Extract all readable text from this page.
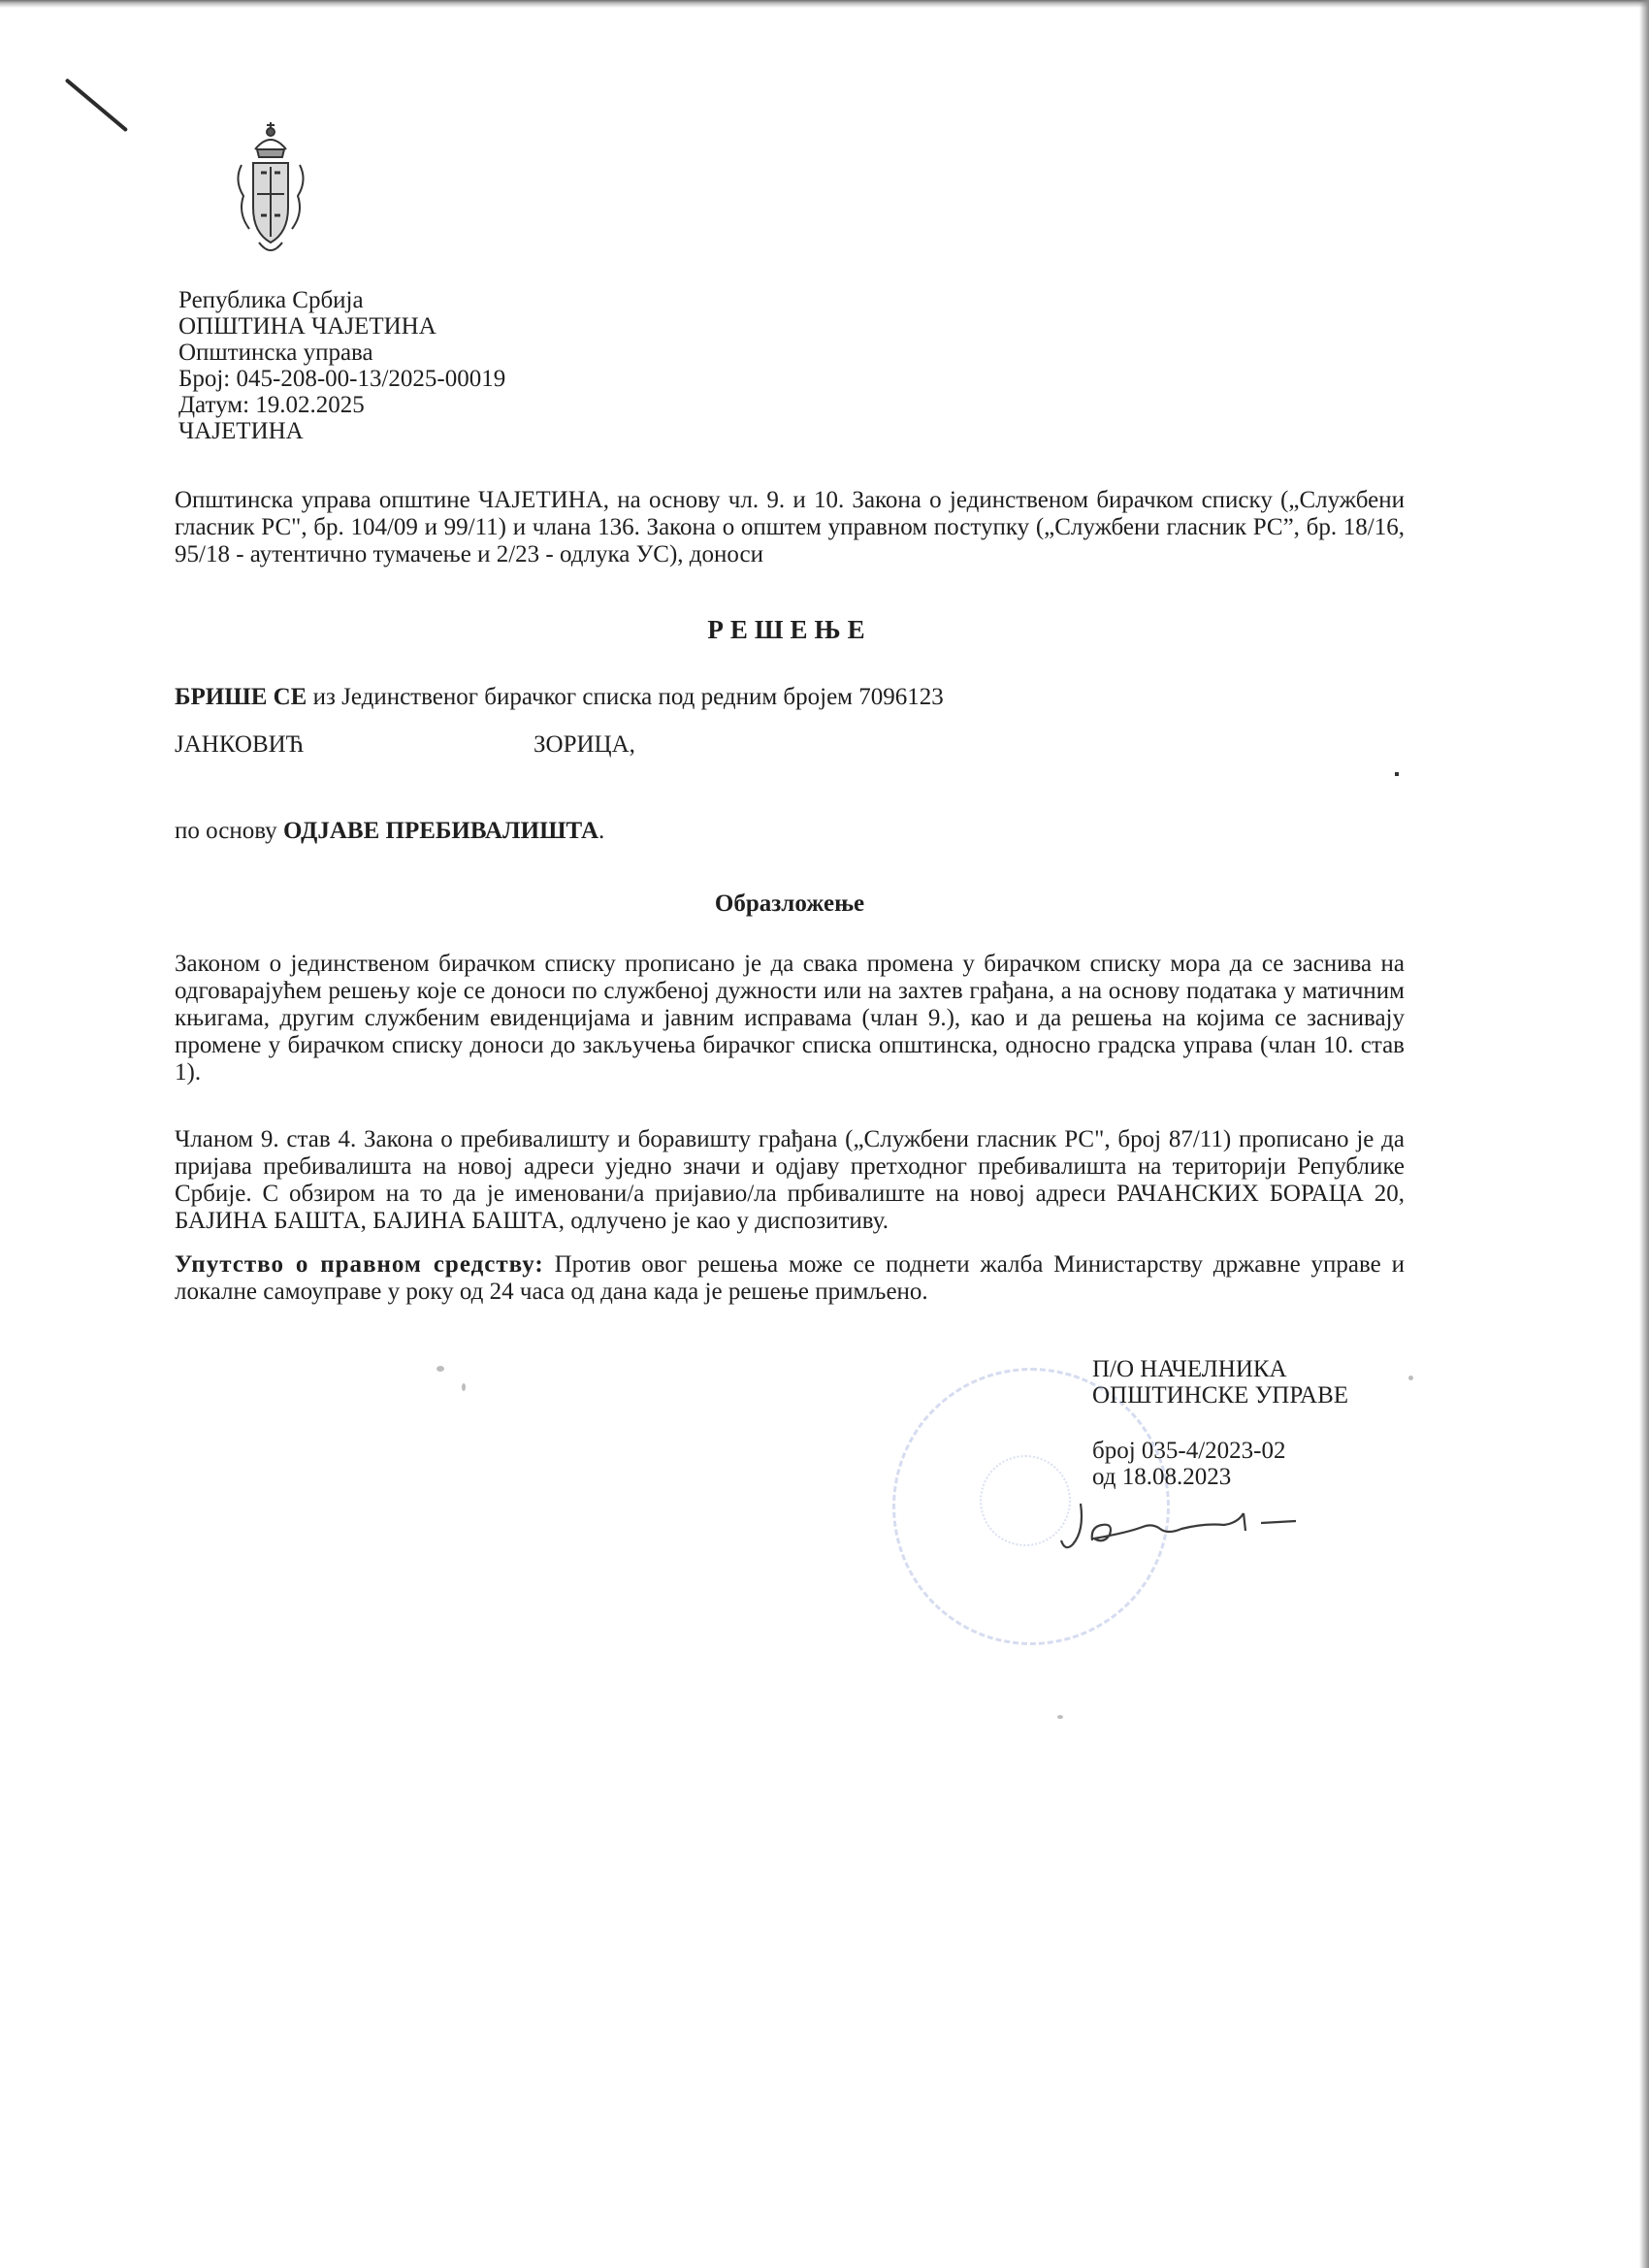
Република Србија
ОПШТИНА ЧАЈЕТИНА
Општинска управа
Број: 045-208-00-13/2025-00019
Датум: 19.02.2025
ЧАЈЕТИНА
Општинска управа општине ЧАЈЕТИНА, на основу чл. 9. и 10. Закона о јединственом бирачком списку („Службени гласник РС", бр. 104/09 и 99/11) и члана 136. Закона о општем управном поступку („Службени гласник РС”, бр. 18/16, 95/18 - аутентично тумачење и 2/23 - одлука УС), доноси
РЕШЕЊЕ
БРИШЕ СЕ из Јединственог бирачког списка под редним бројем 7096123
ЈАНКОВИЋ	ЗОРИЦА,
по основу ОДЈАВЕ ПРЕБИВАЛИШТА.
Образложење
Законом о јединственом бирачком списку прописано је да свака промена у бирачком списку мора да се заснива на одговарајућем решењу које се доноси по службеној дужности или на захтев грађана, а на основу података у матичним књигама, другим службеним евиденцијама и јавним исправама (члан 9.), као и да решења на којима се заснивају промене у бирачком списку доноси до закључења бирачког списка општинска, односно градска управа (члан 10. став 1).
Чланом 9. став 4. Закона о пребивалишту и боравишту грађана („Службени гласник РС", број 87/11) прописано је да пријава пребивалишта на новој адреси уједно значи и одјаву претходног пребивалишта на територији Републике Србије. С обзиром на то да је именовани/а пријавио/ла прбивалиште на новој адреси РАЧАНСКИХ БОРАЦА 20, БАЈИНА БАШТА, БАЈИНА БАШТА, одлучено је као у диспозитиву.
Упутство о правном средству: Против овог решења може се поднети жалба Министарству државне управе и локалне самоуправе у року од 24 часа од дана када је решење примљено.
П/О НАЧЕЛНИКА
ОПШТИНСКЕ УПРАВЕ
број 035-4/2023-02
од 18.08.2023
